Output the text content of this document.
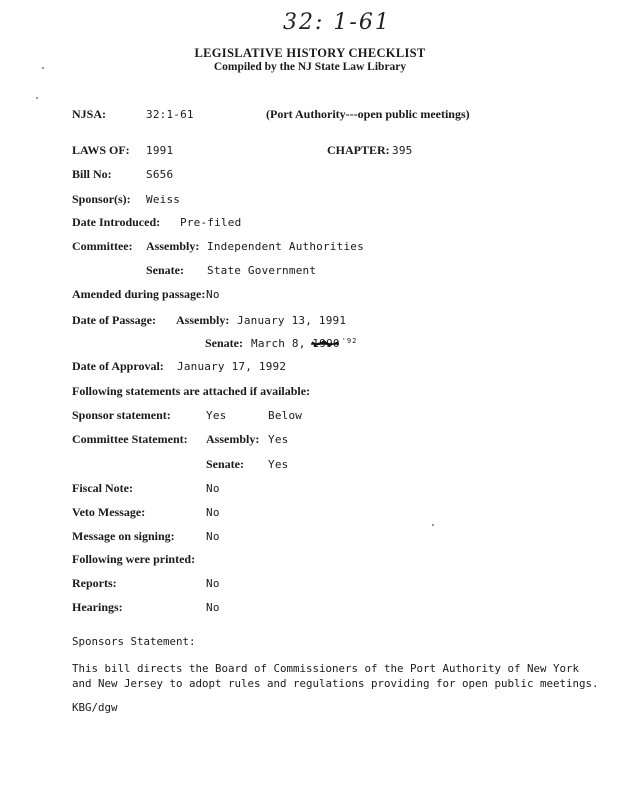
32: 1-61
LEGISLATIVE HISTORY CHECKLIST
Compiled by the NJ State Law Library
NJSA:	32:1-61	(Port Authority---open public meetings)
LAWS OF: 1991	CHAPTER: 395
Bill No:	S656
Sponsor(s): Weiss
Date Introduced: Pre-filed
Committee: Assembly: Independent Authorities
Senate: State Government
Amended during passage: No
Date of Passage: Assembly: January 13, 1991
Senate: March 8, 1990 $^{'92}$
Date of Approval: January 17, 1992
Following statements are attached if available:
Sponsor statement:	Yes	Below
Committee Statement: Assembly: Yes
Senate: Yes
Fiscal Note:	No
Veto Message:	No
Message on signing:	No
Following were printed:
Reports:	No
Hearings:	No
Sponsors Statement:
This bill directs the Board of Commissioners of the Port Authority of New York
and New Jersey to adopt rules and regulations providing for open public meetings.
KBG/dgw
